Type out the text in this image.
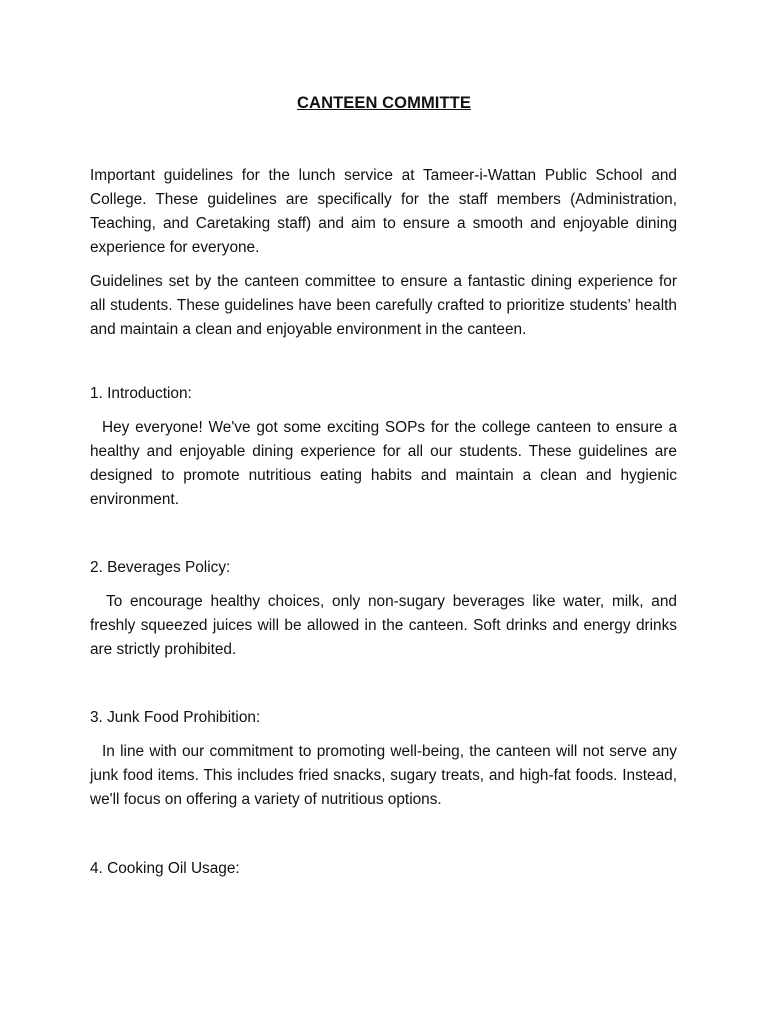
CANTEEN COMMITTE

Important guidelines for the lunch service at Tameer-i-Wattan Public School and College. These guidelines are specifically for the staff members (Administration, Teaching, and Caretaking staff) and aim to ensure a smooth and enjoyable dining experience for everyone.

Guidelines set by the canteen committee to ensure a fantastic dining experience for all students. These guidelines have been carefully crafted to prioritize students’ health and maintain a clean and enjoyable environment in the canteen.

1. Introduction:

Hey everyone! We've got some exciting SOPs for the college canteen to ensure a healthy and enjoyable dining experience for all our students. These guidelines are designed to promote nutritious eating habits and maintain a clean and hygienic environment.

2. Beverages Policy:

To encourage healthy choices, only non-sugary beverages like water, milk, and freshly squeezed juices will be allowed in the canteen. Soft drinks and energy drinks are strictly prohibited.

3. Junk Food Prohibition:

In line with our commitment to promoting well-being, the canteen will not serve any junk food items. This includes fried snacks, sugary treats, and high-fat foods. Instead, we'll focus on offering a variety of nutritious options.

4. Cooking Oil Usage:
